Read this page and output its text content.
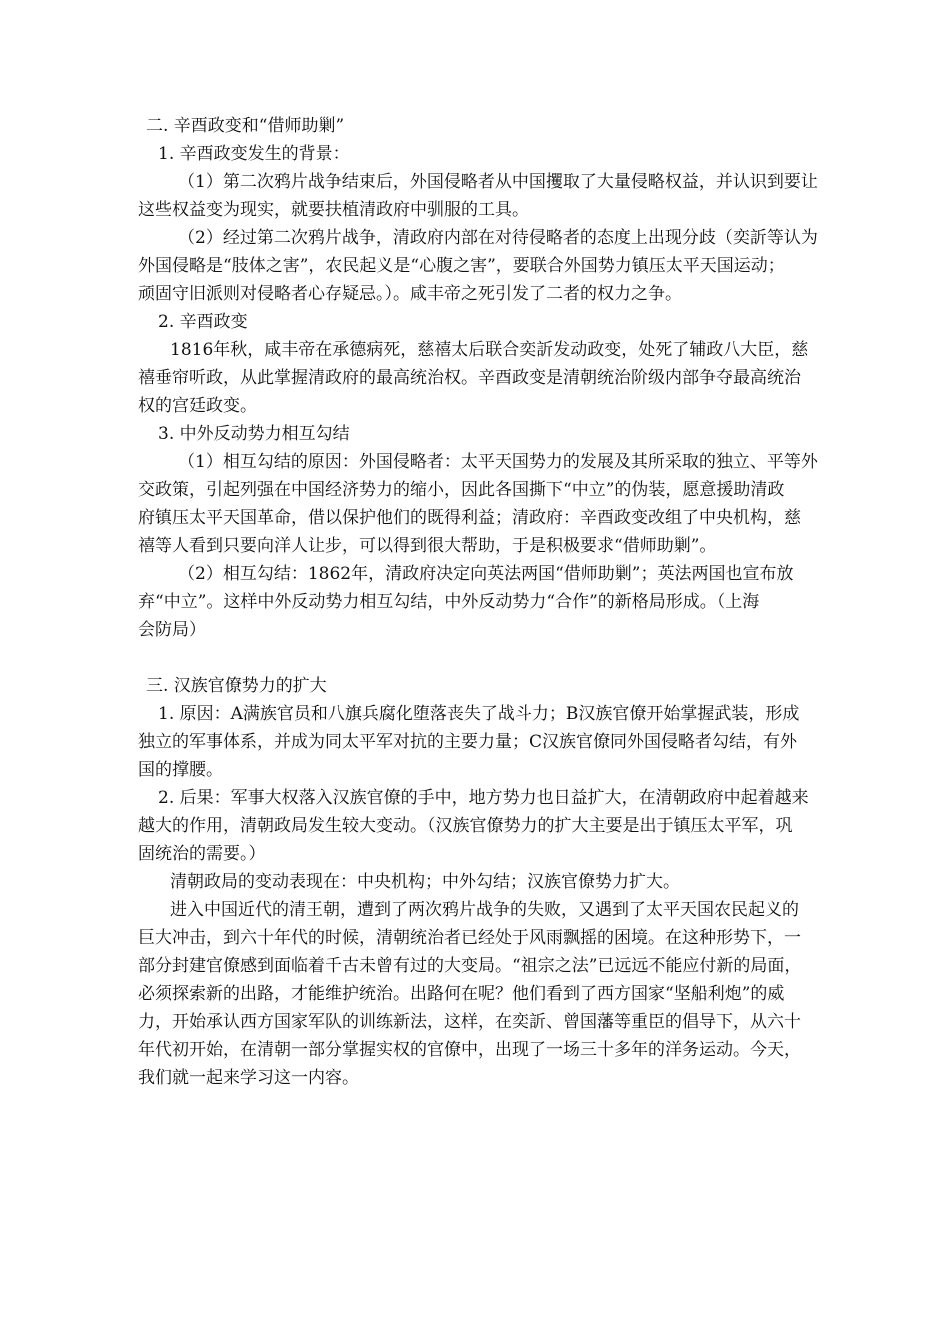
二. 辛酉政变和“借师助剿”
1. 辛酉政变发生的背景：
（1）第二次鸦片战争结束后，外国侵略者从中国攫取了大量侵略权益，并认识到要让
这些权益变为现实，就要扶植清政府中驯服的工具。
（2）经过第二次鸦片战争，清政府内部在对待侵略者的态度上出现分歧（奕訢等认为
外国侵略是“肢体之害”，农民起义是“心腹之害”，要联合外国势力镇压太平天国运动；
顽固守旧派则对侵略者心存疑忌。）。咸丰帝之死引发了二者的权力之争。
2. 辛酉政变
1816年秋，咸丰帝在承德病死，慈禧太后联合奕訢发动政变，处死了辅政八大臣，慈
禧垂帘听政，从此掌握清政府的最高统治权。辛酉政变是清朝统治阶级内部争夺最高统治
权的宫廷政变。
3. 中外反动势力相互勾结
（1）相互勾结的原因：外国侵略者：太平天国势力的发展及其所采取的独立、平等外
交政策，引起列强在中国经济势力的缩小，因此各国撕下“中立”的伪装，愿意援助清政
府镇压太平天国革命，借以保护他们的既得利益；清政府：辛酉政变改组了中央机构，慈
禧等人看到只要向洋人让步，可以得到很大帮助，于是积极要求“借师助剿”。
（2）相互勾结：1862年，清政府决定向英法两国“借师助剿”；英法两国也宣布放
弃“中立”。这样中外反动势力相互勾结，中外反动势力“合作”的新格局形成。（上海
会防局）
三. 汉族官僚势力的扩大
1. 原因：A满族官员和八旗兵腐化堕落丧失了战斗力；B汉族官僚开始掌握武装，形成
独立的军事体系，并成为同太平军对抗的主要力量；C汉族官僚同外国侵略者勾结，有外
国的撑腰。
2. 后果：军事大权落入汉族官僚的手中，地方势力也日益扩大，在清朝政府中起着越来
越大的作用，清朝政局发生较大变动。（汉族官僚势力的扩大主要是出于镇压太平军，巩
固统治的需要。）
清朝政局的变动表现在：中央机构；中外勾结；汉族官僚势力扩大。
进入中国近代的清王朝，遭到了两次鸦片战争的失败，又遇到了太平天国农民起义的
巨大冲击，到六十年代的时候，清朝统治者已经处于风雨飘摇的困境。在这种形势下，一
部分封建官僚感到面临着千古未曾有过的大变局。“祖宗之法”已远远不能应付新的局面，
必须探索新的出路，才能维护统治。出路何在呢？他们看到了西方国家“坚船利炮”的威
力，开始承认西方国家军队的训练新法，这样，在奕訢、曾国藩等重臣的倡导下，从六十
年代初开始，在清朝一部分掌握实权的官僚中，出现了一场三十多年的洋务运动。今天，
我们就一起来学习这一内容。
